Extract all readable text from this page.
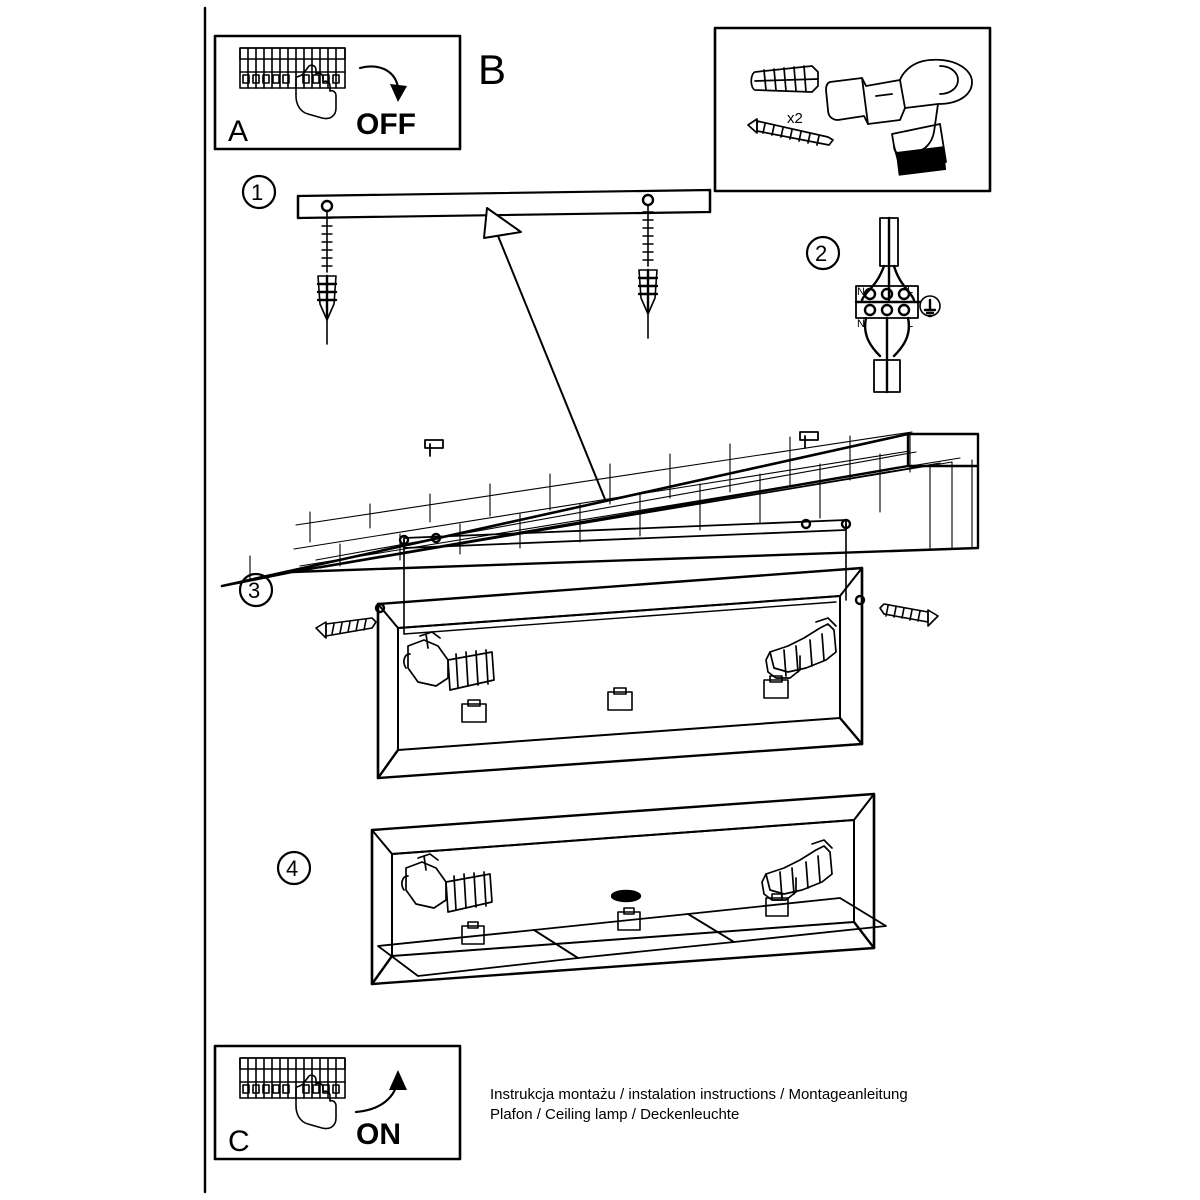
A	OFF
B
x2
1
2
3
4
N	L
N	L
C	ON
Instrukcja montażu / instalation instructions / Montageanleitung
Plafon / Ceiling lamp / Deckenleuchte
